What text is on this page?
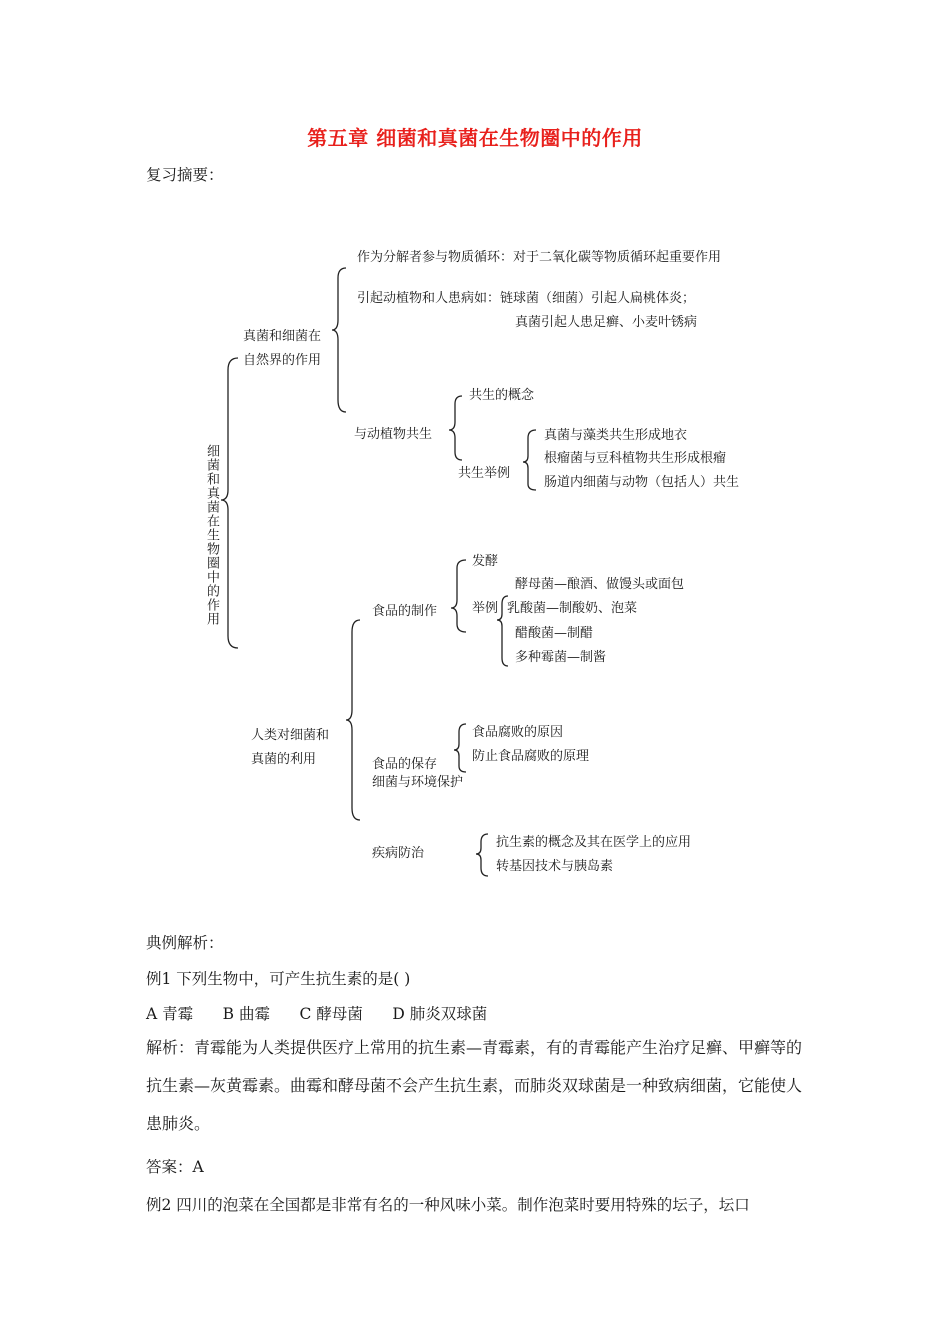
第五章 细菌和真菌在生物圈中的作用
复习摘要：
细菌和真菌在生物圈中的作用
真菌和细菌在
自然界的作用
作为分解者参与物质循环：对于二氧化碳等物质循环起重要作用
引起动植物和人患病如：链球菌（细菌）引起人扁桃体炎；
真菌引起人患足癣、小麦叶锈病
与动植物共生
共生的概念
共生举例
真菌与藻类共生形成地衣
根瘤菌与豆科植物共生形成根瘤
肠道内细菌与动物（包括人）共生
人类对细菌和
真菌的利用
食品的制作
发酵
举例
酵母菌—酿酒、做馒头或面包
乳酸菌—制酸奶、泡菜
醋酸菌—制醋
多种霉菌—制酱
食品的保存
食品腐败的原因
防止食品腐败的原理
细菌与环境保护
疾病防治
抗生素的概念及其在医学上的应用
转基因技术与胰岛素
典例解析：
例1 下列生物中，可产生抗生素的是( )
A 青霉      B 曲霉      C 酵母菌      D 肺炎双球菌
解析：青霉能为人类提供医疗上常用的抗生素—青霉素，有的青霉能产生治疗足癣、甲癣等的抗生素—灰黄霉素。曲霉和酵母菌不会产生抗生素，而肺炎双球菌是一种致病细菌，它能使人患肺炎。
答案：A
例2 四川的泡菜在全国都是非常有名的一种风味小菜。制作泡菜时要用特殊的坛子，坛口
